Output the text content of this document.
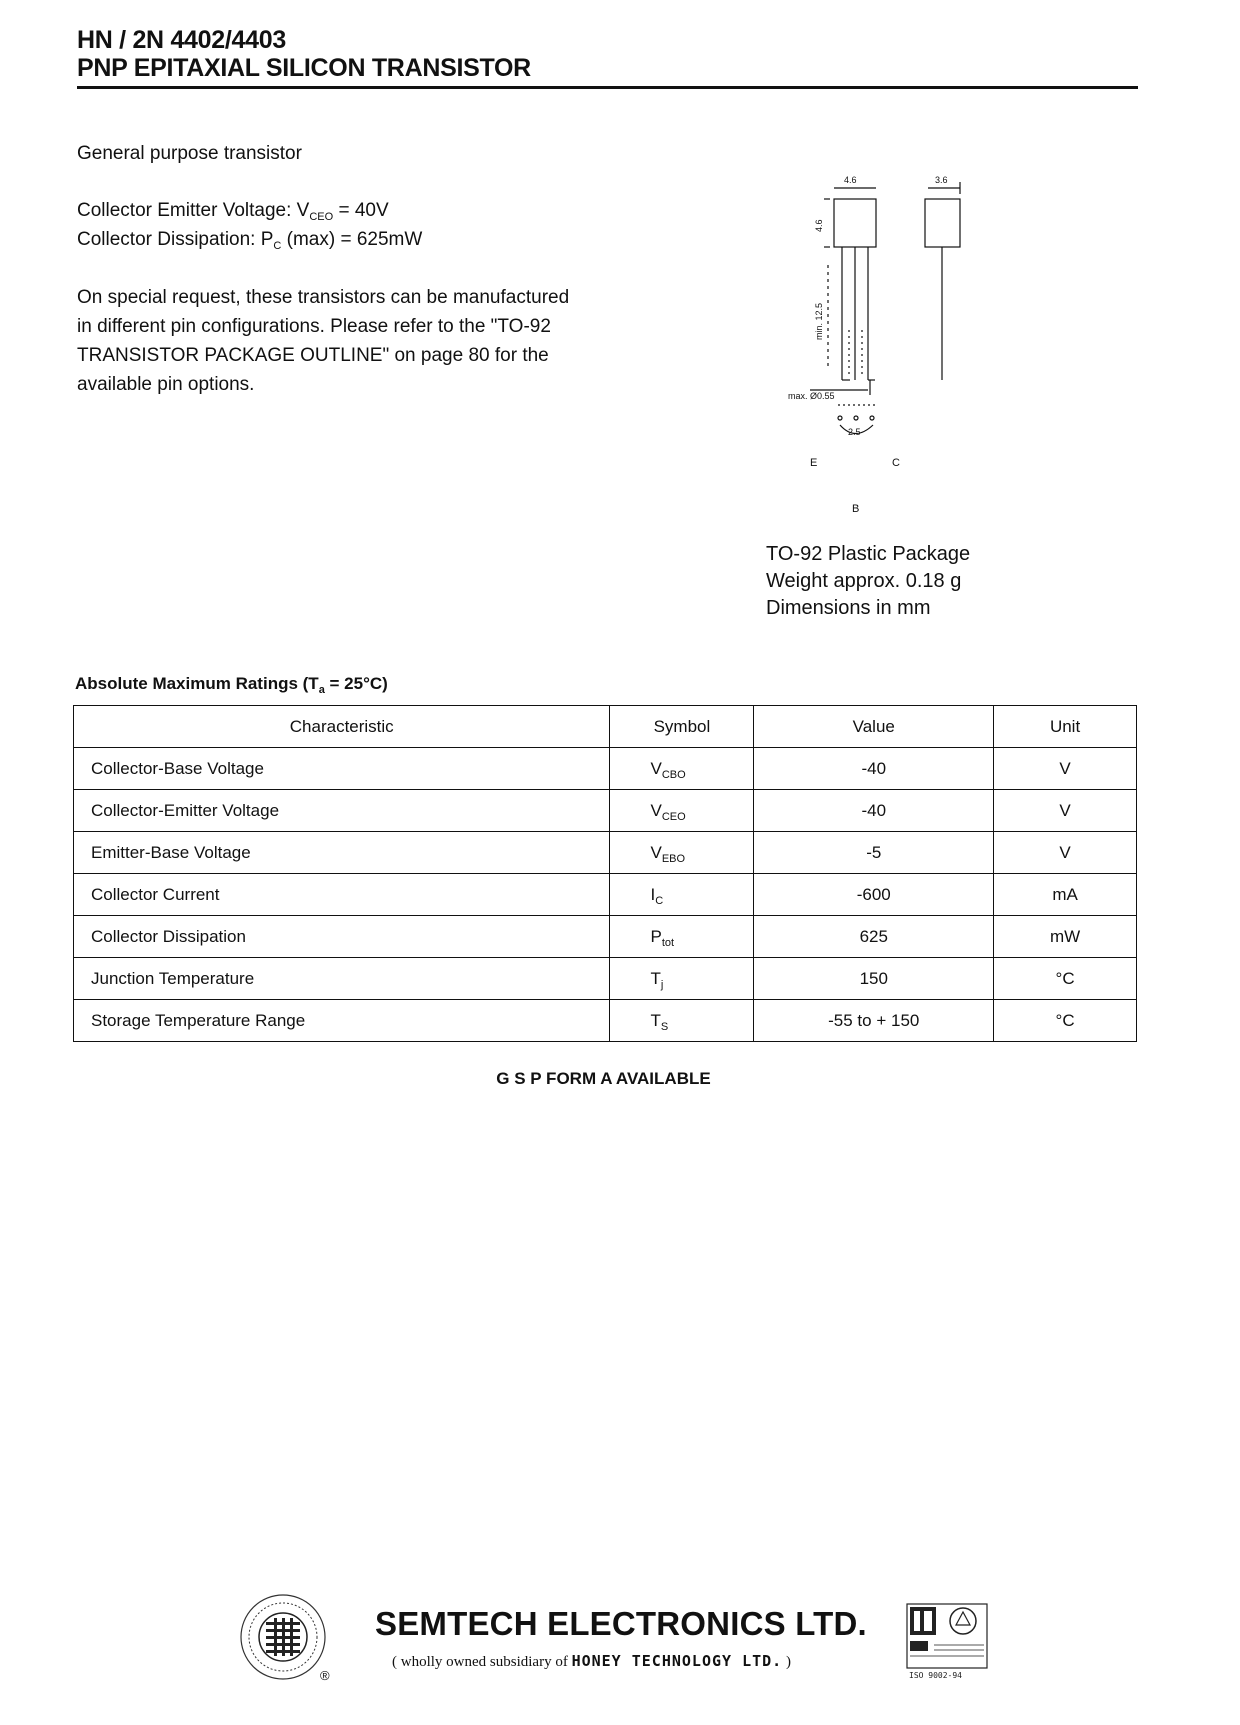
HN / 2N 4402/4403
PNP EPITAXIAL SILICON TRANSISTOR
General purpose transistor
Collector Emitter Voltage: $V_{CEO} = 40V$
Collector Dissipation: $P_C$ (max) = 625mW
On special request, these transistors can be manufactured
in different pin configurations. Please refer to the "TO-92
TRANSISTOR PACKAGE OUTLINE" on page 80 for the
available pin options.
4.6	3.6
4.6
min. 12.5
max. Ø0.55
2.5
E	C
B
TO-92 Plastic Package
Weight approx. 0.18 g
Dimensions in mm
Absolute Maximum Ratings $(T_a = 25^\circ C)$
Characteristic	Symbol	Value	Unit
Collector-Base Voltage	$V_{CBO}$	-40	V
Collector-Emitter Voltage	$V_{CEO}$	-40	V
Emitter-Base Voltage	$V_{EBO}$	-5	V
Collector Current	$I_C$	-600	mA
Collector Dissipation	$P_{tot}$	625	mW
Junction Temperature	$T_j$	150	°C
Storage Temperature Range	$T_S$	-55 to + 150	°C
G S P FORM A AVAILABLE
®
SEMTECH ELECTRONICS LTD.
( wholly owned subsidiary of HONEY TECHNOLOGY LTD. )
ISO 9002-94
